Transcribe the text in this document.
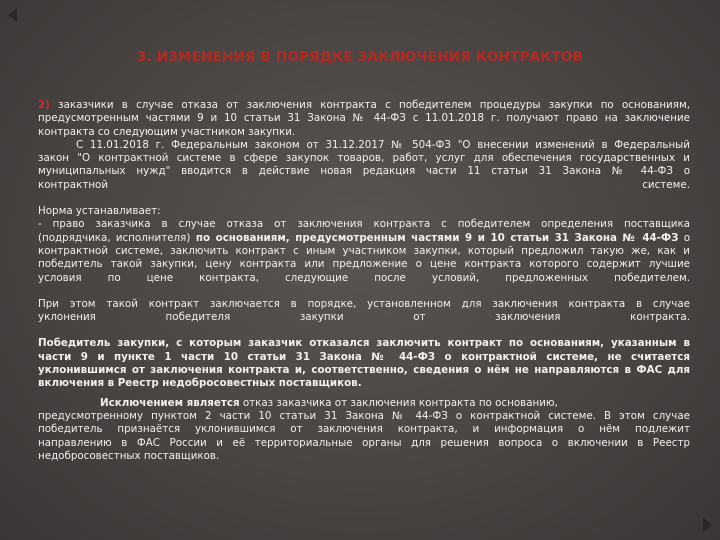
3. ИЗМЕНЕНИЯ В ПОРЯДКЕ ЗАКЛЮЧЕНИЯ КОНТРАКТОВ

2) заказчики в случае отказа от заключения контракта с победителем процедуры закупки по основаниям,

предусмотренным частями 9 и 10 статьи 31 Закона № 44-ФЗ с 11.01.2018 г. получают право на заключение

контракта со следующим участником закупки.

С 11.01.2018 г. Федеральным законом от 31.12.2017 № 504-ФЗ "О внесении изменений в Федеральный

закон "О контрактной системе в сфере закупок товаров, работ, услуг для обеспечения государственных и

муниципальных нужд" вводится в действие новая редакция части 11 статьи 31 Закона № 44-ФЗ о

контрактной системе.

Норма устанавливает:

- право заказчика в случае отказа от заключения контракта с победителем определения поставщика

(подрядчика, исполнителя) по основаниям, предусмотренным частями 9 и 10 статьи 31 Закона № 44-ФЗ о

контрактной системе, заключить контракт с иным участником закупки, который предложил такую же, как и

победитель такой закупки, цену контракта или предложение о цене контракта которого содержит лучшие

условия по цене контракта, следующие после условий, предложенных победителем.

При этом такой контракт заключается в порядке, установленном для заключения контракта в случае

уклонения победителя закупки от заключения контракта.

Победитель закупки, с которым заказчик отказался заключить контракт по основаниям, указанным в

части 9 и пункте 1 части 10 статьи 31 Закона № 44-ФЗ о контрактной системе, не считается

уклонившимся от заключения контракта и, соответственно, сведения о нём не направляются в ФАС для

включения в Реестр недобросовестных поставщиков.

Исключением является отказ заказчика от заключения контракта по основанию,

предусмотренному пунктом 2 части 10 статьи 31 Закона № 44-ФЗ о контрактной системе. В этом случае

победитель признаётся уклонившимся от заключения контракта, и информация о нём подлежит

направлению в ФАС России и её территориальные органы для решения вопроса о включении в Реестр

недобросовестных поставщиков.
